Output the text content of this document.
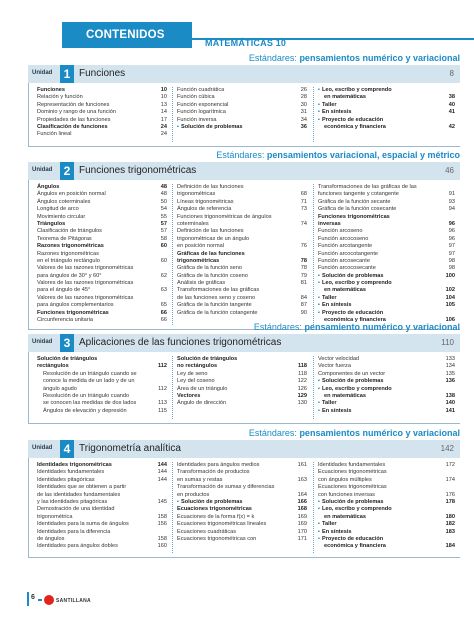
CONTENIDOS
MATEMÁTICAS 10
Estándares: pensamientos numérico y variacional
Unidad 1 Funciones	8
Funciones	10
Relación y función	10
Representación de funciones	13
Dominio y rango de una función	14
Propiedades de las funciones	17
Clasificación de funciones	24
Función lineal	24
Función cuadrática	26
Función cúbica	28
Función exponencial	30
Función logarítmica	31
Función inversa	34
▪ Solución de problemas	36
▪ Leo, escribo y comprendo
en matemáticas	38
▪ Taller	40
▪ En síntesis	41
▪ Proyecto de educación
económica y financiera	42
Estándares: pensamientos variacional, espacial y métrico
Unidad 2 Funciones trigonométricas	46
Ángulos	48
Ángulos en posición normal	48
Ángulos coterminales	50
Longitud de arco	54
Movimiento circular	55
Triángulos	57
Clasificación de triángulos	57
Teorema de Pitágoras	58
Razones trigonométricas	60
Razones trigonométricas
en el triángulo rectángulo	60
Valores de las razones trigonométricas
para ángulos de 30° y 60°	62
Valores de las razones trigonométricas
para el ángulo de 45°	63
Valores de las razones trigonométricas
para ángulos complementarios	65
Funciones trigonométricas	66
Circunferencia unitaria	66
Definición de las funciones
trigonométricas	68
Líneas trigonométricas	71
Ángulos de referencia	73
Funciones trigonométricas de ángulos
coterminales	74
Definición de las funciones
trigonométricas de un ángulo
en posición normal	76
Gráficas de las funciones
trigonométricas	78
Gráfica de la función seno	78
Gráfica de la función coseno	79
Análisis de gráficas	81
Transformaciones de las gráficas
de las funciones seno y coseno	84
Gráfica de la función tangente	87
Gráfica de la función cotangente	90
Transformaciones de las gráficas de las
funciones tangente y cotangente	91
Gráfica de la función secante	93
Gráfica de la función cosecante	94
Funciones trigonométricas
inversas	96
Función arcoseno	96
Función arcocoseno	96
Función arcotangente	97
Función arcocotangente	97
Función arcosecante	98
Función arcocosecante	98
▪ Solución de problemas	100
▪ Leo, escribo y comprendo
en matemáticas	102
▪ Taller	104
▪ En síntesis	105
▪ Proyecto de educación
económica y financiera	106
Estándares: pensamiento numérico y variacional
Unidad 3 Aplicaciones de las funciones trigonométricas	110
Solución de triángulos
rectángulos	112
Resolución de un triángulo cuando se
conoce la medida de un lado y de un
ángulo agudo	112
Resolución de un triángulo cuando
se conocen las medidas de dos lados	113
Ángulos de elevación y depresión	115
Solución de triángulos
no rectángulos	118
Ley de seno	118
Ley del coseno	122
Área de un triángulo	126
Vectores	129
Ángulo de dirección	130
Vector velocidad	133
Vector fuerza	134
Componentes de un vector	135
▪ Solución de problemas	136
▪ Leo, escribo y comprendo
en matemáticas	138
▪ Taller	140
▪ En síntesis	141
Estándares: pensamientos numérico y variacional
Unidad 4 Trigonometría analítica	142
Identidades trigonométricas	144
Identidades fundamentales	144
Identidades pitagóricas	144
Identidades que se obtienen a partir
de las identidades fundamentales
y las identidades pitagóricas	145
Demostración de una identidad
trigonométrica	158
Identidades para la suma de ángulos	156
Identidades para la diferencia
de ángulos	158
Identidades para ángulos dobles	160
Identidades para ángulos medios	161
Transformación de productos
en sumas y restas	163
Transformación de sumas y diferencias
en productos	164
▪ Solución de problemas	166
Ecuaciones trigonométricas	168
Ecuaciones de la forma f(x) = k	169
Ecuaciones trigonométricas lineales	169
Ecuaciones cuadráticas	170
Ecuaciones trigonométricas con	171
Identidades fundamentales	172
Ecuaciones trigonométricas
con ángulos múltiples	174
Ecuaciones trigonométricas
con funciones inversas	176
▪ Solución de problemas	178
▪ Leo, escribo y comprendo
en matemáticas	180
▪ Taller	182
▪ En síntesis	183
▪ Proyecto de educación
económica y financiera	184
6	SANTILLANA
